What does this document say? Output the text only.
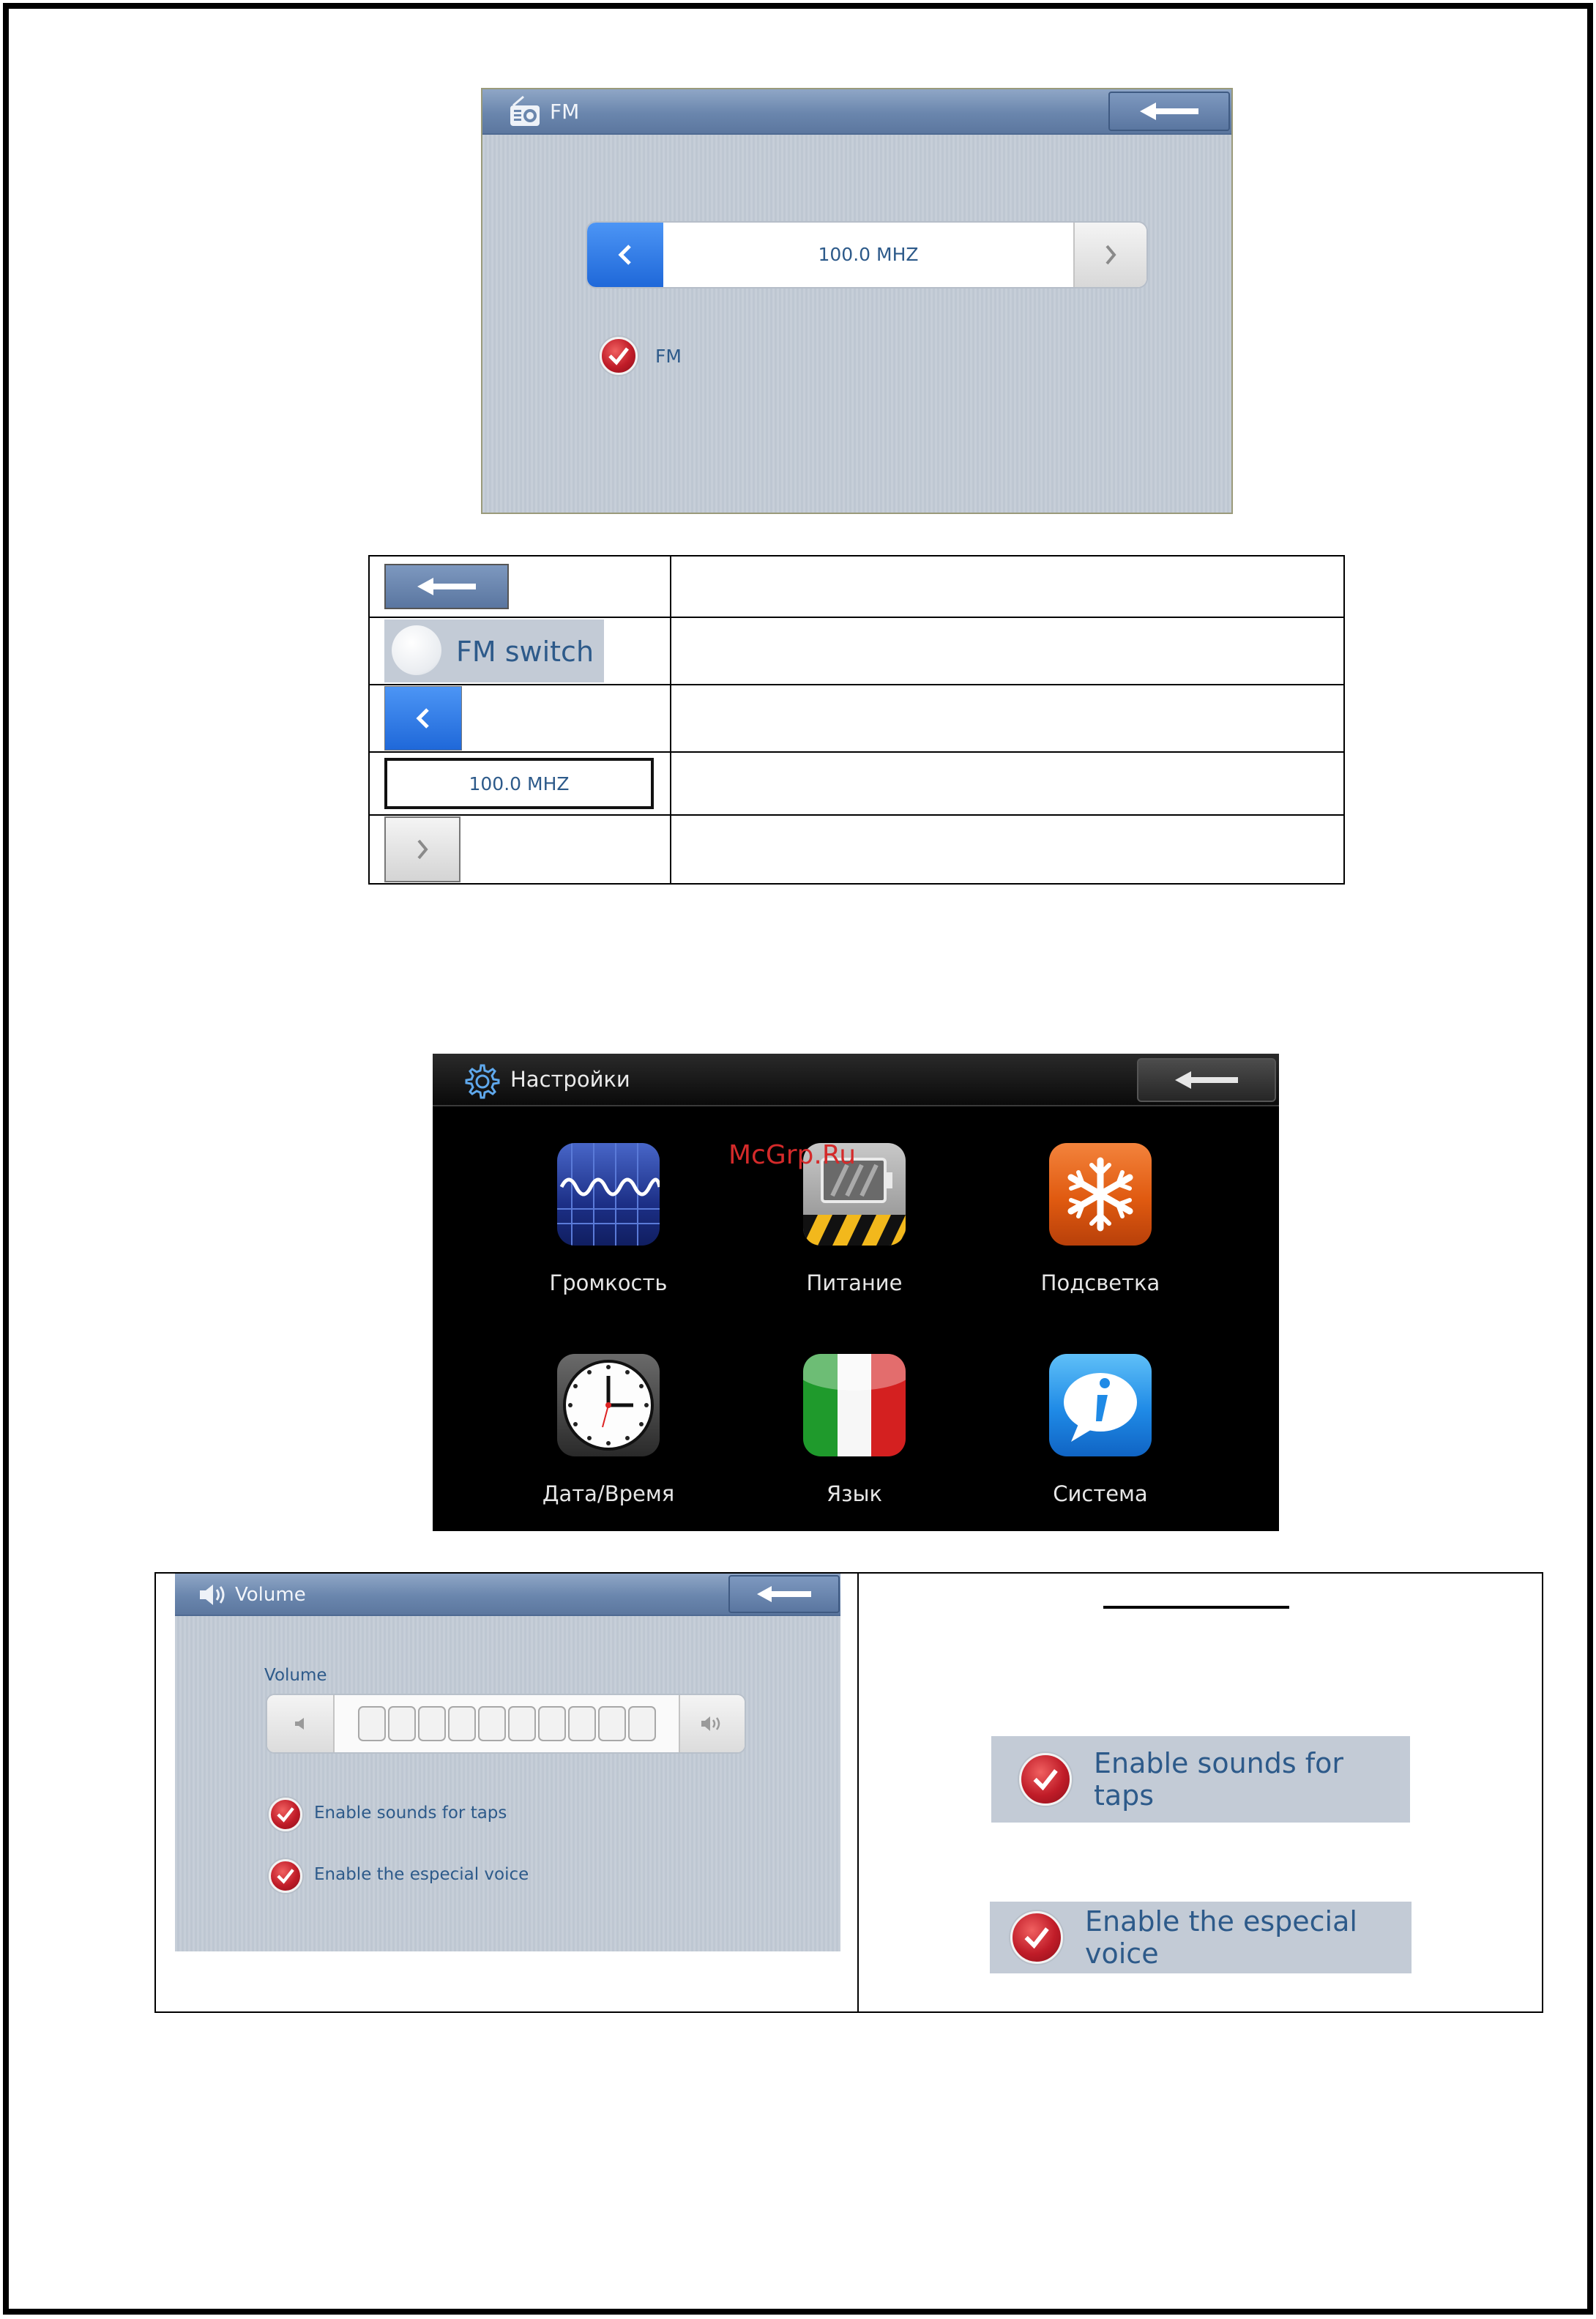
FM
100.0 MHZ
FM

FM switch	

100.0 MHZ	

Настройки
McGrp.Ru
Громкость	Питание	Подсветка
Дата/Время	Язык	Система
Volume
Volume
Enable sounds for taps
Enable the especial voice
Enable sounds for taps
Enable the especial voice
